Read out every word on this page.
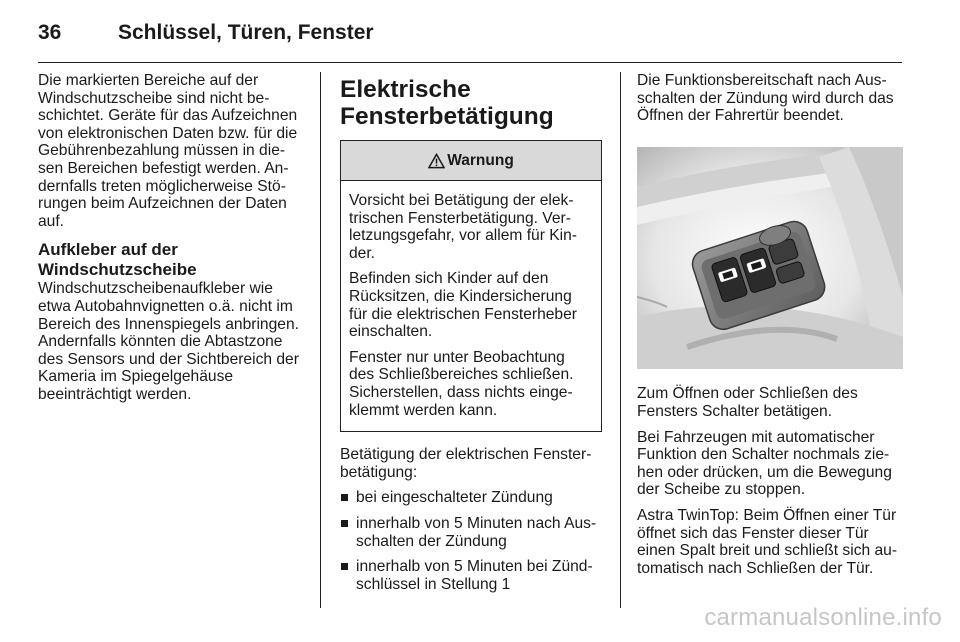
36	Schlüssel, Türen, Fenster

Die markierten Bereiche auf der Windschutzscheibe sind nicht beschichtet. Geräte für das Aufzeichnen von elektronischen Daten bzw. für die Gebührenbezahlung müssen in diesen Bereichen befestigt werden. Andernfalls treten möglicherweise Störungen beim Aufzeichnen der Daten auf.

Aufkleber auf der Windschutzscheibe

Windschutzscheibenaufkleber wie etwa Autobahnvignetten o.ä. nicht im Bereich des Innenspiegels anbringen. Andernfalls könnten die Abtastzone des Sensors und der Sichtbereich der Kameria im Spiegelgehäuse beeinträchtigt werden.

Elektrische Fensterbetätigung
Warnung

Vorsicht bei Betätigung der elektrischen Fensterbetätigung. Verletzungsgefahr, vor allem für Kinder.

Befinden sich Kinder auf den Rücksitzen, die Kindersicherung für die elektrischen Fensterheber einschalten.

Fenster nur unter Beobachtung des Schließbereiches schließen. Sicherstellen, dass nichts eingeklemmt werden kann.

Betätigung der elektrischen Fensterbetätigung:

bei eingeschalteter Zündung
innerhalb von 5 Minuten nach Ausschalten der Zündung
innerhalb von 5 Minuten bei Zündschlüssel in Stellung 1

Die Funktionsbereitschaft nach Ausschalten der Zündung wird durch das Öffnen der Fahrertür beendet.

Zum Öffnen oder Schließen des Fensters Schalter betätigen.

Bei Fahrzeugen mit automatischer Funktion den Schalter nochmals ziehen oder drücken, um die Bewegung der Scheibe zu stoppen.

Astra TwinTop: Beim Öffnen einer Tür öffnet sich das Fenster dieser Tür einen Spalt breit und schließt sich automatisch nach Schließen der Tür.

carmanualsonline.info
